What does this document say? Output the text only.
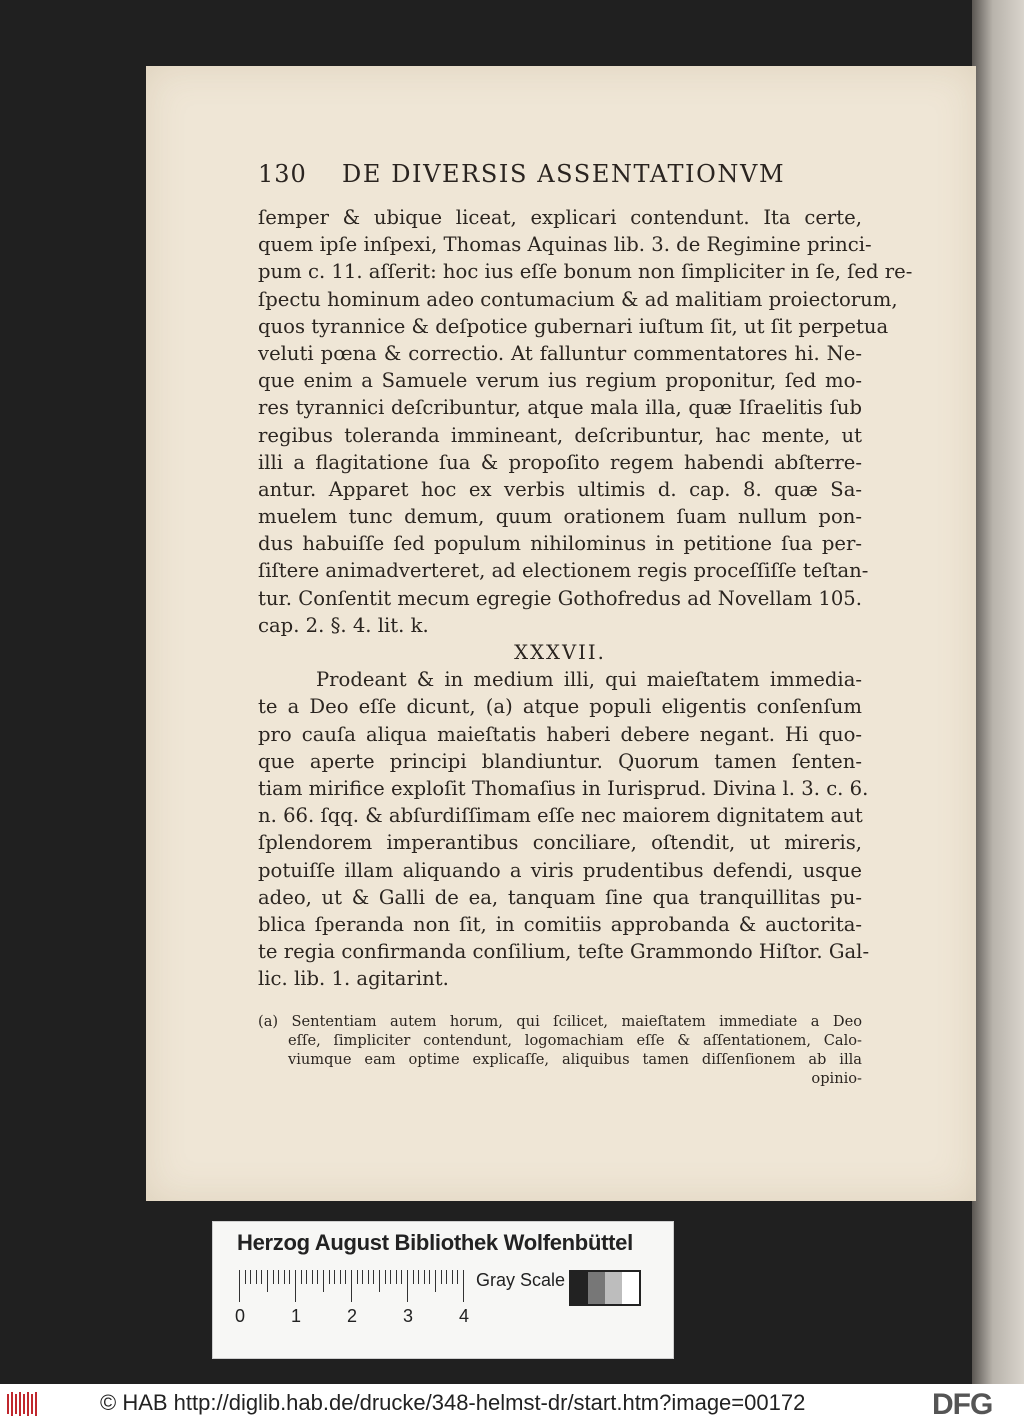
130 DE DIVERSIS ASSENTATIONVM
ſemper & ubique liceat, explicari contendunt. Ita certe,
quem ipſe inſpexi, Thomas Aquinas lib. 3. de Regimine princi-
pum c. 11. aſſerit: hoc ius eſſe bonum non ſimpliciter in ſe, ſed re-
ſpectu hominum adeo contumacium & ad malitiam proiectorum,
quos tyrannice & deſpotice gubernari iuſtum ſit, ut ſit perpetua
veluti pœna & correctio. At falluntur commentatores hi. Ne-
que enim a Samuele verum ius regium proponitur, ſed mo-
res tyrannici deſcribuntur, atque mala illa, quæ Iſraelitis ſub
regibus toleranda immineant, deſcribuntur, hac mente, ut
illi a flagitatione ſua & propoſito regem habendi abſterre-
antur. Apparet hoc ex verbis ultimis d. cap. 8. quæ Sa-
muelem tunc demum, quum orationem ſuam nullum pon-
dus habuiſſe ſed populum nihilominus in petitione ſua per-
ſiſtere animadverteret, ad electionem regis proceſſiſſe teſtan-
tur. Conſentit mecum egregie Gothofredus ad Novellam 105.
cap. 2. §. 4. lit. k.
XXXVII.
Prodeant & in medium illi, qui maieſtatem immedia-
te a Deo eſſe dicunt, (a) atque populi eligentis conſenſum
pro cauſa aliqua maieſtatis haberi debere negant. Hi quo-
que aperte principi blandiuntur. Quorum tamen ſenten-
tiam mirifice exploſit Thomaſius in Iurisprud. Divina l. 3. c. 6.
n. 66. ſqq. & abſurdiſſimam eſſe nec maiorem dignitatem aut
ſplendorem imperantibus conciliare, oſtendit, ut mireris,
potuiſſe illam aliquando a viris prudentibus defendi, usque
adeo, ut & Galli de ea, tanquam ſine qua tranquillitas pu-
blica ſperanda non ſit, in comitiis approbanda & auctorita-
te regia confirmanda conſilium, teſte Grammondo Hiſtor. Gal-
lic. lib. 1. agitarint.
(a) Sententiam autem horum, qui ſcilicet, maieſtatem immediate a Deo
eſſe, ſimpliciter contendunt, logomachiam eſſe & aſſentationem, Calo-
viumque eam optime explicaſſe, aliquibus tamen diſſenſionem ab illa
opinio-
Herzog August Bibliothek Wolfenbüttel
0	1	2	3	4
Gray Scale
© HAB http://diglib.hab.de/drucke/348-helmst-dr/start.htm?image=00172	DFG
